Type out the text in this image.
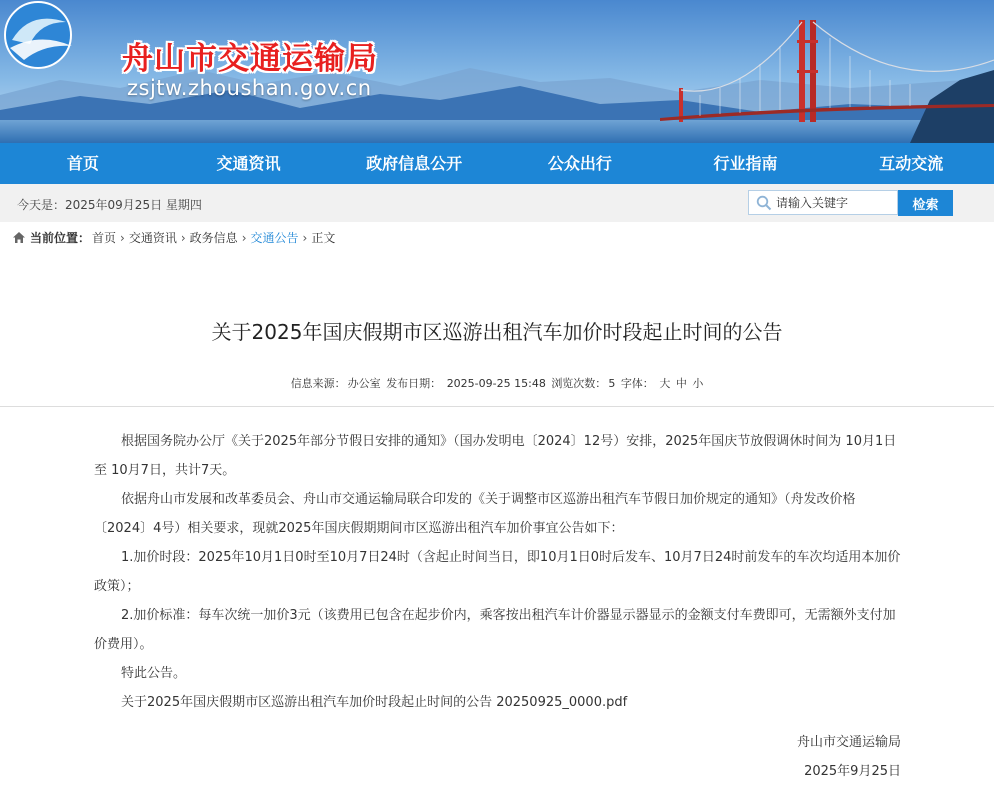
舟山市交通运输局
zsjtw.zhoushan.gov.cn
首页	交通资讯	政府信息公开	公众出行	行业指南	互动交流
今天是：2025年09月25日 星期四
请输入关键字	检索
当前位置： 首页 › 交通资讯 › 政务信息 › 交通公告 › 正文
关于2025年国庆假期市区巡游出租汽车加价时段起止时间的公告
信息来源： 办公室 发布日期： 2025-09-25 15:48 浏览次数： 5 字体： 大 中 小

根据国务院办公厅《关于2025年部分节假日安排的通知》（国办发明电〔2024〕12号）安排，2025年国庆节放假调休时间为 10月1日至 10月7日，共计7天。

依据舟山市发展和改革委员会、舟山市交通运输局联合印发的《关于调整市区巡游出租汽车节假日加价规定的通知》（舟发改价格〔2024〕4号）相关要求，现就2025年国庆假期期间市区巡游出租汽车加价事宜公告如下：

1.加价时段：2025年10月1日0时至10月7日24时（含起止时间当日，即10月1日0时后发车、10月7日24时前发车的车次均适用本加价政策）；

2.加价标准：每车次统一加价3元（该费用已包含在起步价内，乘客按出租汽车计价器显示器显示的金额支付车费即可，无需额外支付加价费用）。

特此公告。

关于2025年国庆假期市区巡游出租汽车加价时段起止时间的公告 20250925_0000.pdf

舟山市交通运输局
2025年9月25日
